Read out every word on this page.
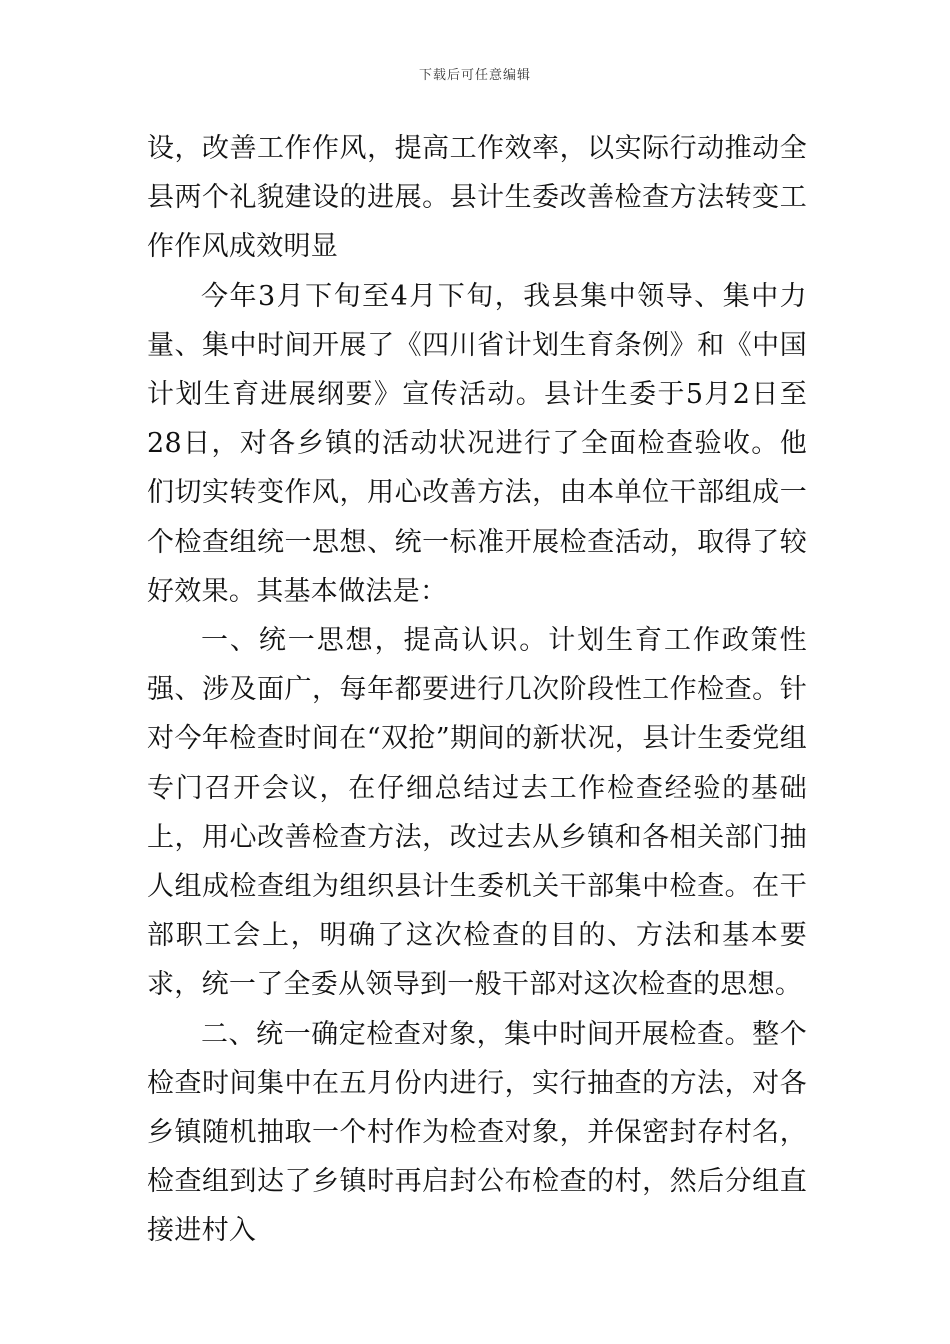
下载后可任意编辑

设，改善工作作风，提高工作效率，以实际行动推动全县两个礼貌建设的进展。县计生委改善检查方法转变工作作风成效明显

今年3月下旬至4月下旬，我县集中领导、集中力量、集中时间开展了《四川省计划生育条例》和《中国计划生育进展纲要》宣传活动。县计生委于5月2日至28日，对各乡镇的活动状况进行了全面检查验收。他们切实转变作风，用心改善方法，由本单位干部组成一个检查组统一思想、统一标准开展检查活动，取得了较好效果。其基本做法是：

一、统一思想，提高认识。计划生育工作政策性强、涉及面广，每年都要进行几次阶段性工作检查。针对今年检查时间在“双抢”期间的新状况，县计生委党组专门召开会议，在仔细总结过去工作检查经验的基础上，用心改善检查方法，改过去从乡镇和各相关部门抽人组成检查组为组织县计生委机关干部集中检查。在干部职工会上，明确了这次检查的目的、方法和基本要求，统一了全委从领导到一般干部对这次检查的思想。

二、统一确定检查对象，集中时间开展检查。整个检查时间集中在五月份内进行，实行抽查的方法，对各乡镇随机抽取一个村作为检查对象，并保密封存村名，检查组到达了乡镇时再启封公布检查的村，然后分组直接进村入
